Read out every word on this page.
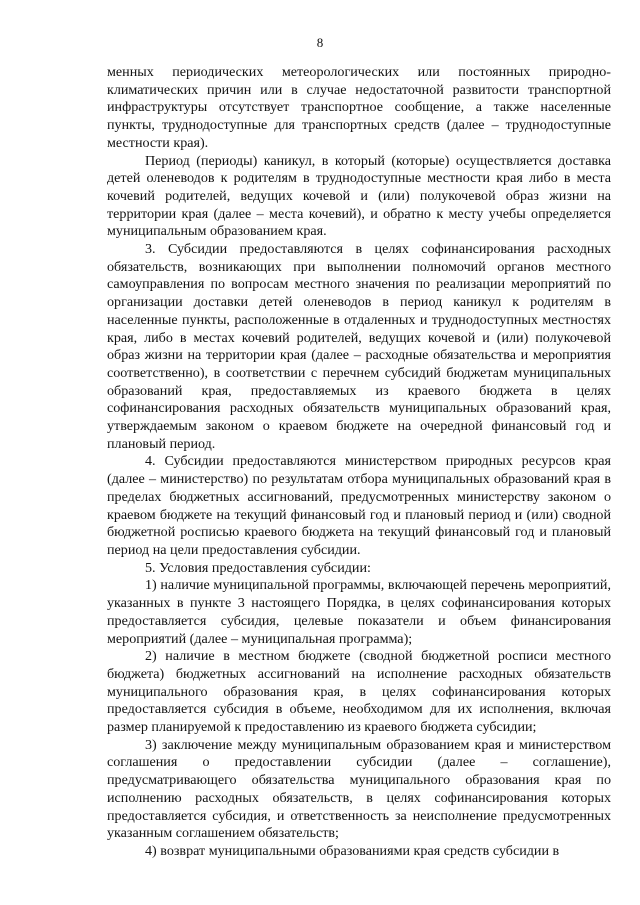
8

менных периодических метеорологических или постоянных природно-климатических причин или в случае недостаточной развитости транспортной инфраструктуры отсутствует транспортное сообщение, а также населенные пункты, труднодоступные для транспортных средств (далее – труднодоступные местности края).

Период (периоды) каникул, в который (которые) осуществляется доставка детей оленеводов к родителям в труднодоступные местности края либо в места кочевий родителей, ведущих кочевой и (или) полукочевой образ жизни на территории края (далее – места кочевий), и обратно к месту учебы определяется муниципальным образованием края.

3. Субсидии предоставляются в целях софинансирования расходных обязательств, возникающих при выполнении полномочий органов местного самоуправления по вопросам местного значения по реализации мероприятий по организации доставки детей оленеводов в период каникул к родителям в населенные пункты, расположенные в отдаленных и труднодоступных местностях края, либо в местах кочевий родителей, ведущих кочевой и (или) полукочевой образ жизни на территории края (далее – расходные обязательства и мероприятия соответственно), в соответствии с перечнем субсидий бюджетам муниципальных образований края, предоставляемых из краевого бюджета в целях софинансирования расходных обязательств муниципальных образований края, утверждаемым законом о краевом бюджете на очередной финансовый год и плановый период.

4. Субсидии предоставляются министерством природных ресурсов края (далее – министерство) по результатам отбора муниципальных образований края в пределах бюджетных ассигнований, предусмотренных министерству законом о краевом бюджете на текущий финансовый год и плановый период и (или) сводной бюджетной росписью краевого бюджета на текущий финансовый год и плановый период на цели предоставления субсидии.

5. Условия предоставления субсидии:

1) наличие муниципальной программы, включающей перечень мероприятий, указанных в пункте 3 настоящего Порядка, в целях софинансирования которых предоставляется субсидия, целевые показатели и объем финансирования мероприятий (далее – муниципальная программа);

2) наличие в местном бюджете (сводной бюджетной росписи местного бюджета) бюджетных ассигнований на исполнение расходных обязательств муниципального образования края, в целях софинансирования которых предоставляется субсидия в объеме, необходимом для их исполнения, включая размер планируемой к предоставлению из краевого бюджета субсидии;

3) заключение между муниципальным образованием края и министерством соглашения о предоставлении субсидии (далее – соглашение), предусматривающего обязательства муниципального образования края по исполнению расходных обязательств, в целях софинансирования которых предоставляется субсидия, и ответственность за неисполнение предусмотренных указанным соглашением обязательств;

4) возврат муниципальными образованиями края средств субсидии в
